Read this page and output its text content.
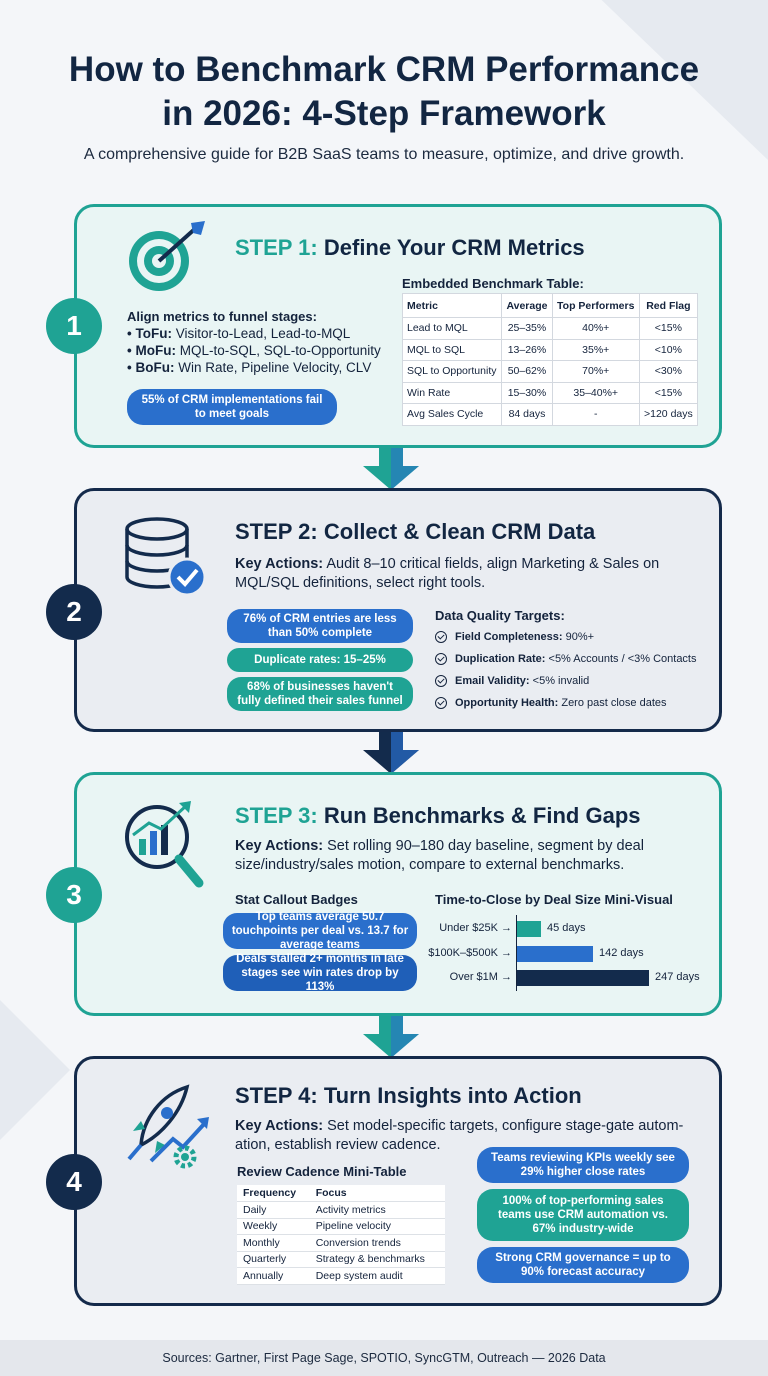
How to Benchmark CRM Performance
in 2026: 4-Step Framework
A comprehensive guide for B2B SaaS teams to measure, optimize, and drive growth.
1
STEP 1: Define Your CRM Metrics
Align metrics to funnel stages:
• ToFu: Visitor-to-Lead, Lead-to-MQL
• MoFu: MQL-to-SQL, SQL-to-Opportunity
• BoFu: Win Rate, Pipeline Velocity, CLV
55% of CRM implementations fail to meet goals
Embedded Benchmark Table:
Metric	Average	Top Performers	Red Flag
Lead to MQL	25–35%	40%+	<15%
MQL to SQL	13–26%	35%+	<10%
SQL to Opportunity	50–62%	70%+	<30%
Win Rate	15–30%	35–40%+	<15%
Avg Sales Cycle	84 days	-	>120 days
2
STEP 2: Collect & Clean CRM Data
Key Actions: Audit 8–10 critical fields, align Marketing & Sales on
MQL/SQL definitions, select right tools.
76% of CRM entries are less than 50% complete
Duplicate rates: 15–25%
68% of businesses haven't fully defined their sales funnel
Data Quality Targets:
Field Completeness:
90%+
Duplication Rate:
<5% Accounts / <3% Contacts
Email Validity:
<5% invalid
Opportunity Health:
Zero past close dates
3
STEP 3: Run Benchmarks & Find Gaps
Key Actions: Set rolling 90–180 day baseline, segment by deal
size/industry/sales motion, compare to external benchmarks.
Stat Callout Badges
Top teams average 50.7 touchpoints per deal vs. 13.7 for average teams
Deals stalled 2+ months in late stages see win rates drop by 113%
Time-to-Close by Deal Size Mini-Visual
Under $25K →
$100K–$500K →
Over $1M →
45 days
142 days
247 days
4
STEP 4: Turn Insights into Action
Key Actions: Set model-specific targets, configure stage-gate autom-
ation, establish review cadence.
Review Cadence Mini-Table
Frequency	Focus
Daily	Activity metrics
Weekly	Pipeline velocity
Monthly	Conversion trends
Quarterly	Strategy & benchmarks
Annually	Deep system audit
Teams reviewing KPIs weekly see 29% higher close rates
100% of top-performing sales teams use CRM automation vs. 67% industry-wide
Strong CRM governance = up to 90% forecast accuracy
Sources: Gartner, First Page Sage, SPOTIO, SyncGTM, Outreach — 2026 Data
